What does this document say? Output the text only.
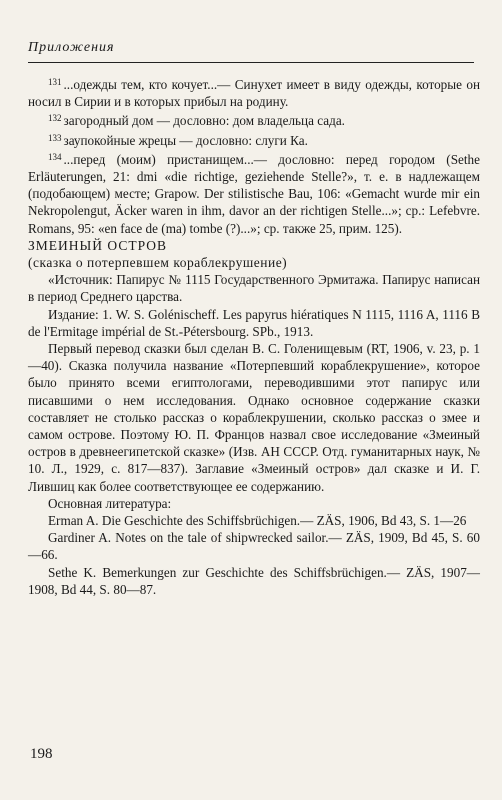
Приложения

$^{131}$ ...одежды тем, кто кочует...— Синухет имеет в виду одежды, которые он носил в Сирии и в которых прибыл на родину.

$^{132}$ загородный дом — дословно: дом владельца сада.

$^{133}$ заупокойные жрецы — дословно: слуги Ка.

$^{134}$ ...перед (моим) пристанищем...— дословно: перед городом (Sethe Erläuterungen, 21: dmi «die richtige, geziehende Stelle?», т. е. в надлежащем (подобающем) месте; Grapow. Der stilistische Bau, 106: «Gemacht wurde mir ein Nekropolengut, Äcker waren in ihm, davor an der richtigen Stelle...»; ср.: Lefebvre. Romans, 95: «en face de (ma) tombe (?)...»; ср. также 25, прим. 125).

ЗМЕИНЫЙ ОСТРОВ

(сказка о потерпевшем кораблекрушение)

«Источник: Папирус № 1115 Государственного Эрмитажа. Папирус написан в период Среднего царства.

Издание: 1. W. S. Golénischeff. Les papyrus hiératiques N 1115, 1116 A, 1116 B de l'Ermitage impérial de St.-Pétersbourg. SPb., 1913.

Первый перевод сказки был сделан В. С. Голенищевым (RT, 1906, v. 23, p. 1—40). Сказка получила название «Потерпевший кораблекрушение», которое было принято всеми египтологами, переводившими этот папирус или писавшими о нем исследования. Однако основное содержание сказки составляет не столько рассказ о кораблекрушении, сколько рассказ о змее и самом острове. Поэтому Ю. П. Францов назвал свое исследование «Змеиный остров в древнеегипетской сказке» (Изв. АН СССР. Отд. гуманитарных наук, № 10. Л., 1929, с. 817—837). Заглавие «Змеиный остров» дал сказке и И. Г. Лившиц как более соответствующее ее содержанию.

Основная литература:

Erman A. Die Geschichte des Schiffsbrüchigen.— ZÄS, 1906, Bd 43, S. 1—26

Gardiner A. Notes on the tale of shipwrecked sailor.— ZÄS, 1909, Bd 45, S. 60—66.

Sethe K. Bemerkungen zur Geschichte des Schiffsbrüchigen.— ZÄS, 1907—1908, Bd 44, S. 80—87.

198
